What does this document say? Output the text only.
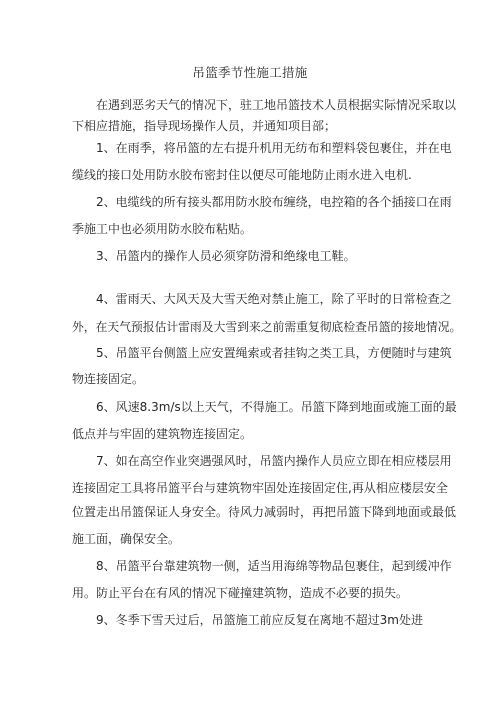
吊篮季节性施工措施
在遇到恶劣天气的情况下，驻工地吊篮技术人员根据实际情况采取以
下相应措施，指导现场操作人员，并通知项目部；
1、在雨季，将吊篮的左右提升机用无纺布和塑料袋包裹住，并在电
缆线的接口处用防水胶布密封住以便尽可能地防止雨水进入电机.
2、电缆线的所有接头都用防水胶布缠绕，电控箱的各个插接口在雨
季施工中也必须用防水胶布粘贴。
3、吊篮内的操作人员必须穿防滑和绝缘电工鞋。
4、雷雨天、大风天及大雪天绝对禁止施工，除了平时的日常检查之
外，在天气预报估计雷雨及大雪到来之前需重复彻底检查吊篮的接地情况。
5、吊篮平台侧篮上应安置绳索或者挂钩之类工具，方便随时与建筑
物连接固定。
6、风速8.3m/s以上天气，不得施工。吊篮下降到地面或施工面的最
低点并与牢固的建筑物连接固定。
7、如在高空作业突遇强风时，吊篮内操作人员应立即在相应楼层用
连接固定工具将吊篮平台与建筑物牢固处连接固定住,再从相应楼层安全
位置走出吊篮保证人身安全。待风力减弱时，再把吊篮下降到地面或最低
施工面，确保安全。
8、吊篮平台靠建筑物一侧，适当用海绵等物品包裹住，起到缓冲作
用。防止平台在有风的情况下碰撞建筑物，造成不必要的损失。
9、冬季下雪天过后，吊篮施工前应反复在离地不超过3m处进
